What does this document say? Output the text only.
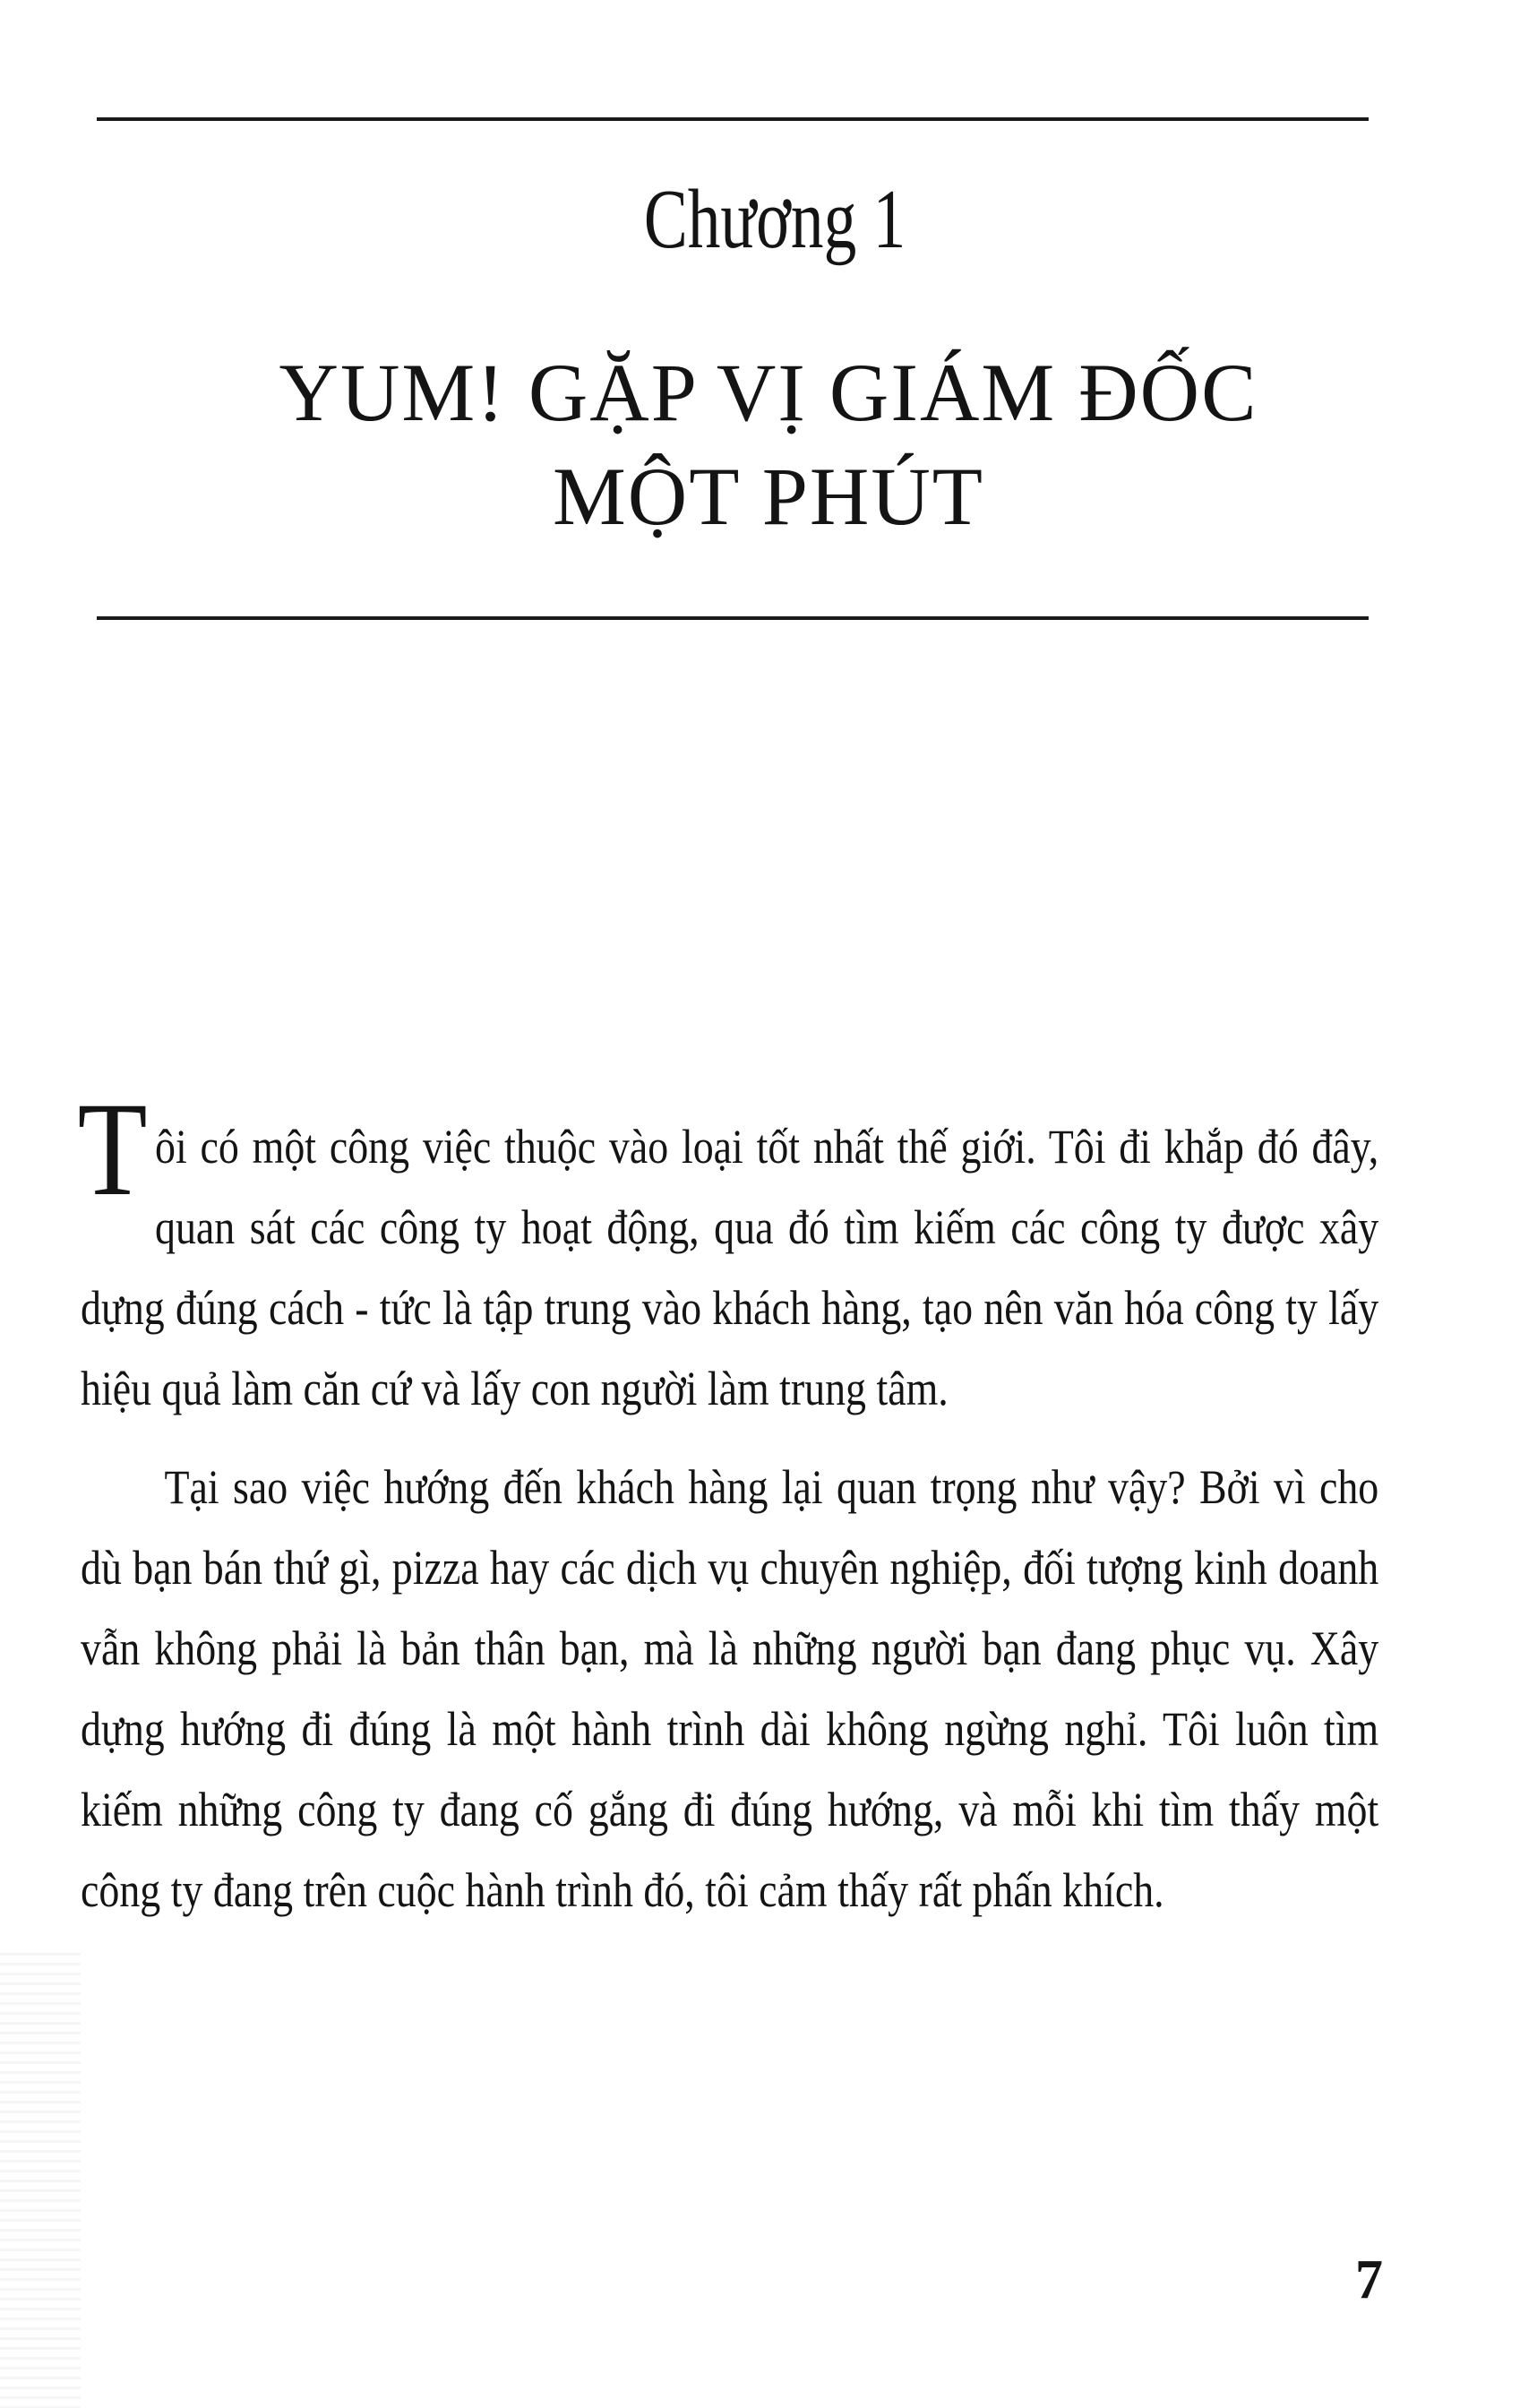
Chương 1
YUM! GẶP VỊ GIÁM ĐỐC
MỘT PHÚT

Tôi có một công việc thuộc vào loại tốt nhất thế giới. Tôi đi khắp đó đây, quan sát các công ty hoạt động, qua đó tìm kiếm các công ty được xây dựng đúng cách - tức là tập trung vào khách hàng, tạo nên văn hóa công ty lấy hiệu quả làm căn cứ và lấy con người làm trung tâm.

Tại sao việc hướng đến khách hàng lại quan trọng như vậy? Bởi vì cho dù bạn bán thứ gì, pizza hay các dịch vụ chuyên nghiệp, đối tượng kinh doanh vẫn không phải là bản thân bạn, mà là những người bạn đang phục vụ. Xây dựng hướng đi đúng là một hành trình dài không ngừng nghỉ. Tôi luôn tìm kiếm những công ty đang cố gắng đi đúng hướng, và mỗi khi tìm thấy một công ty đang trên cuộc hành trình đó, tôi cảm thấy rất phấn khích.

7
